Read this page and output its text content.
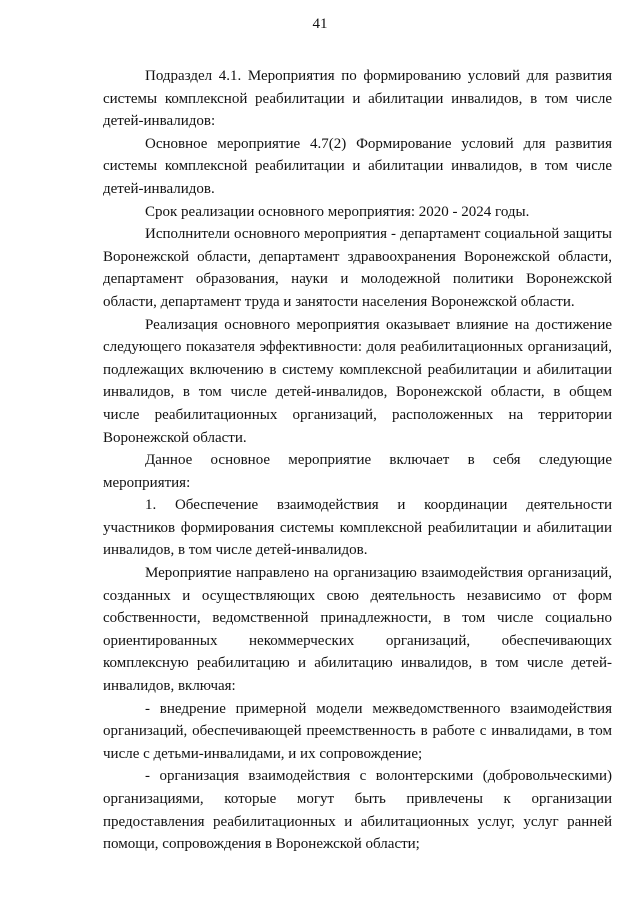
41

Подраздел 4.1. Мероприятия по формированию условий для развития системы комплексной реабилитации и абилитации инвалидов, в том числе детей-инвалидов:

Основное мероприятие 4.7(2) Формирование условий для развития системы комплексной реабилитации и абилитации инвалидов, в том числе детей-инвалидов.

Срок реализации основного мероприятия: 2020 - 2024 годы.

Исполнители основного мероприятия - департамент социальной защиты Воронежской области, департамент здравоохранения Воронежской области, департамент образования, науки и молодежной политики Воронежской области, департамент труда и занятости населения Воронежской области.

Реализация основного мероприятия оказывает влияние на достижение следующего показателя эффективности: доля реабилитационных организаций, подлежащих включению в систему комплексной реабилитации и абилитации инвалидов, в том числе детей-инвалидов, Воронежской области, в общем числе реабилитационных организаций, расположенных на территории Воронежской области.

Данное основное мероприятие включает в себя следующие мероприятия:

1. Обеспечение взаимодействия и координации деятельности участников формирования системы комплексной реабилитации и абилитации инвалидов, в том числе детей-инвалидов.

Мероприятие направлено на организацию взаимодействия организаций, созданных и осуществляющих свою деятельность независимо от форм собственности, ведомственной принадлежности, в том числе социально ориентированных некоммерческих организаций, обеспечивающих комплексную реабилитацию и абилитацию инвалидов, в том числе детей-инвалидов, включая:

- внедрение примерной модели межведомственного взаимодействия организаций, обеспечивающей преемственность в работе с инвалидами, в том числе с детьми-инвалидами, и их сопровождение;

- организация взаимодействия с волонтерскими (добровольческими) организациями, которые могут быть привлечены к организации предоставления реабилитационных и абилитационных услуг, услуг ранней помощи, сопровождения в Воронежской области;
